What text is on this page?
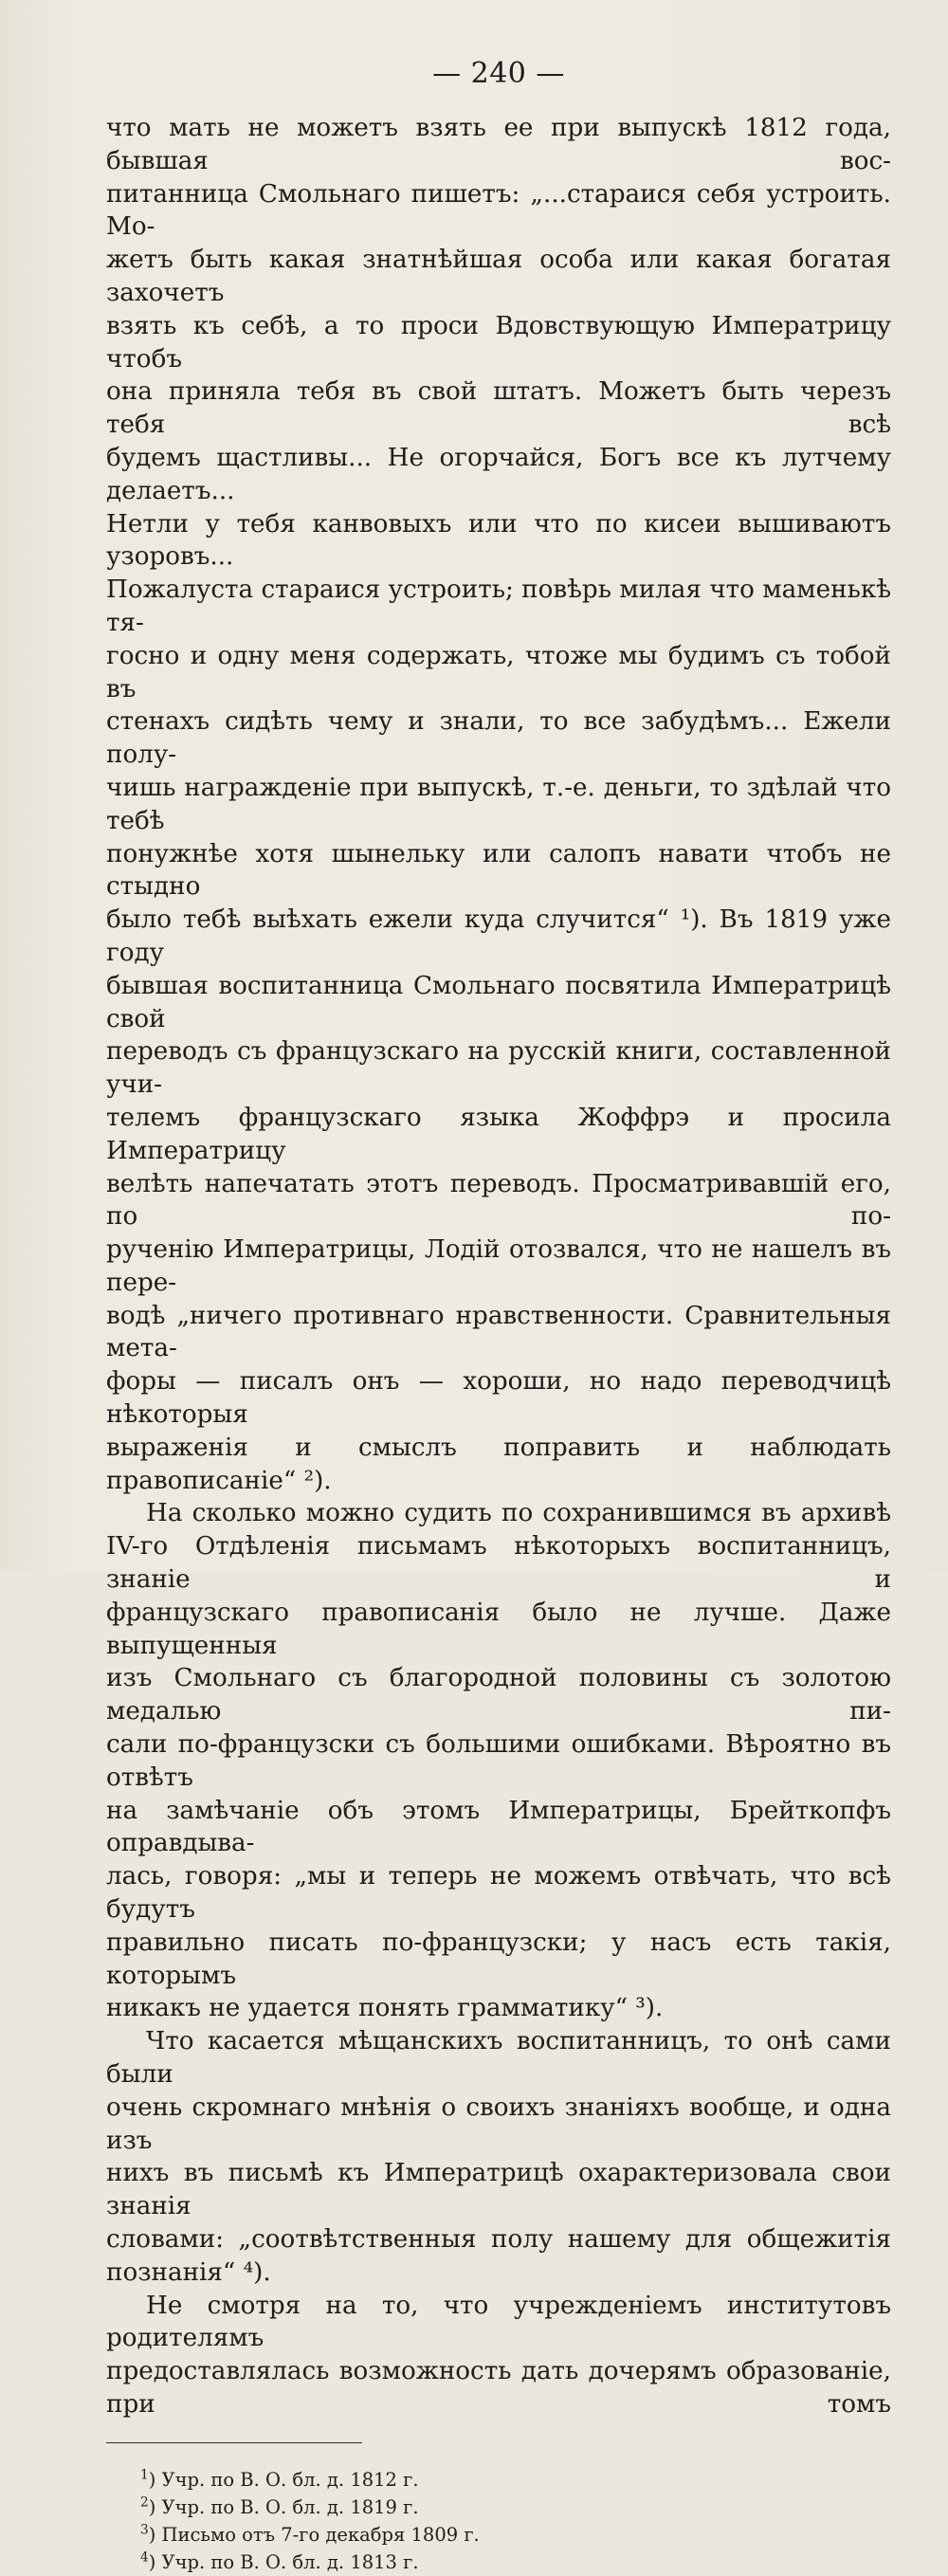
— 240 —

что мать не можетъ взять ее при выпускѣ 1812 года, бывшая вос-

питанница Смольнаго пишетъ: „...стараися себя устроить. Мо-

жетъ быть какая знатнѣйшая особа или какая богатая захочетъ

взять къ себѣ, а то проси Вдовствующую Императрицу чтобъ

она приняла тебя въ свой штатъ. Можетъ быть черезъ тебя всѣ

будемъ щастливы... Не огорчайся, Богъ все къ лутчему делаетъ...

Нетли у тебя канвовыхъ или что по кисеи вышиваютъ узоровъ...

Пожалуста стараися устроить; повѣрь милая что маменькѣ тя-

госно и одну меня содержать, чтоже мы будимъ съ тобой въ

стенахъ сидѣть чему и знали, то все забудѣмъ... Ежели полу-

чишь награжденіе при выпускѣ, т.-е. деньги, то здѣлай что тебѣ

понужнѣе хотя шынельку или салопъ навати чтобъ не стыдно

было тебѣ выѣхать ежели куда случится“ ¹). Въ 1819 уже году

бывшая воспитанница Смольнаго посвятила Императрицѣ свой

переводъ съ французскаго на русскій книги, составленной учи-

телемъ французскаго языка Жоффрэ и просила Императрицу

велѣть напечатать этотъ переводъ. Просматривавшій его, по по-

рученію Императрицы, Лодій отозвался, что не нашелъ въ пере-

водѣ „ничего противнаго нравственности. Сравнительныя мета-

форы — писалъ онъ — хороши, но надо переводчицѣ нѣкоторыя

выраженія и смыслъ поправить и наблюдать правописаніе“ ²).

На сколько можно судить по сохранившимся въ архивѣ

IV-го Отдѣленія письмамъ нѣкоторыхъ воспитанницъ, знаніе и

французскаго правописанія было не лучше. Даже выпущенныя

изъ Смольнаго съ благородной половины съ золотою медалью пи-

сали по-французски съ большими ошибками. Вѣроятно въ отвѣтъ

на замѣчаніе объ этомъ Императрицы, Брейткопфъ оправдыва-

лась, говоря: „мы и теперь не можемъ отвѣчать, что всѣ будутъ

правильно писать по-французски; у насъ есть такія, которымъ

никакъ не удается понять грамматику“ ³).

Что касается мѣщанскихъ воспитанницъ, то онѣ сами были

очень скромнаго мнѣнія о своихъ знаніяхъ вообще, и одна изъ

нихъ въ письмѣ къ Императрицѣ охарактеризовала свои знанія

словами: „соотвѣтственныя полу нашему для общежитія познанія“ ⁴).

Не смотря на то, что учрежденіемъ институтовъ родителямъ

предоставлялась возможность дать дочерямъ образованіе, при томъ

$^1$) Учр. по В. О. бл. д. 1812 г.
$^2$) Учр. по В. О. бл. д. 1819 г.
$^3$) Письмо отъ 7-го декабря 1809 г.
$^4$) Учр. по В. О. бл. д. 1813 г.
